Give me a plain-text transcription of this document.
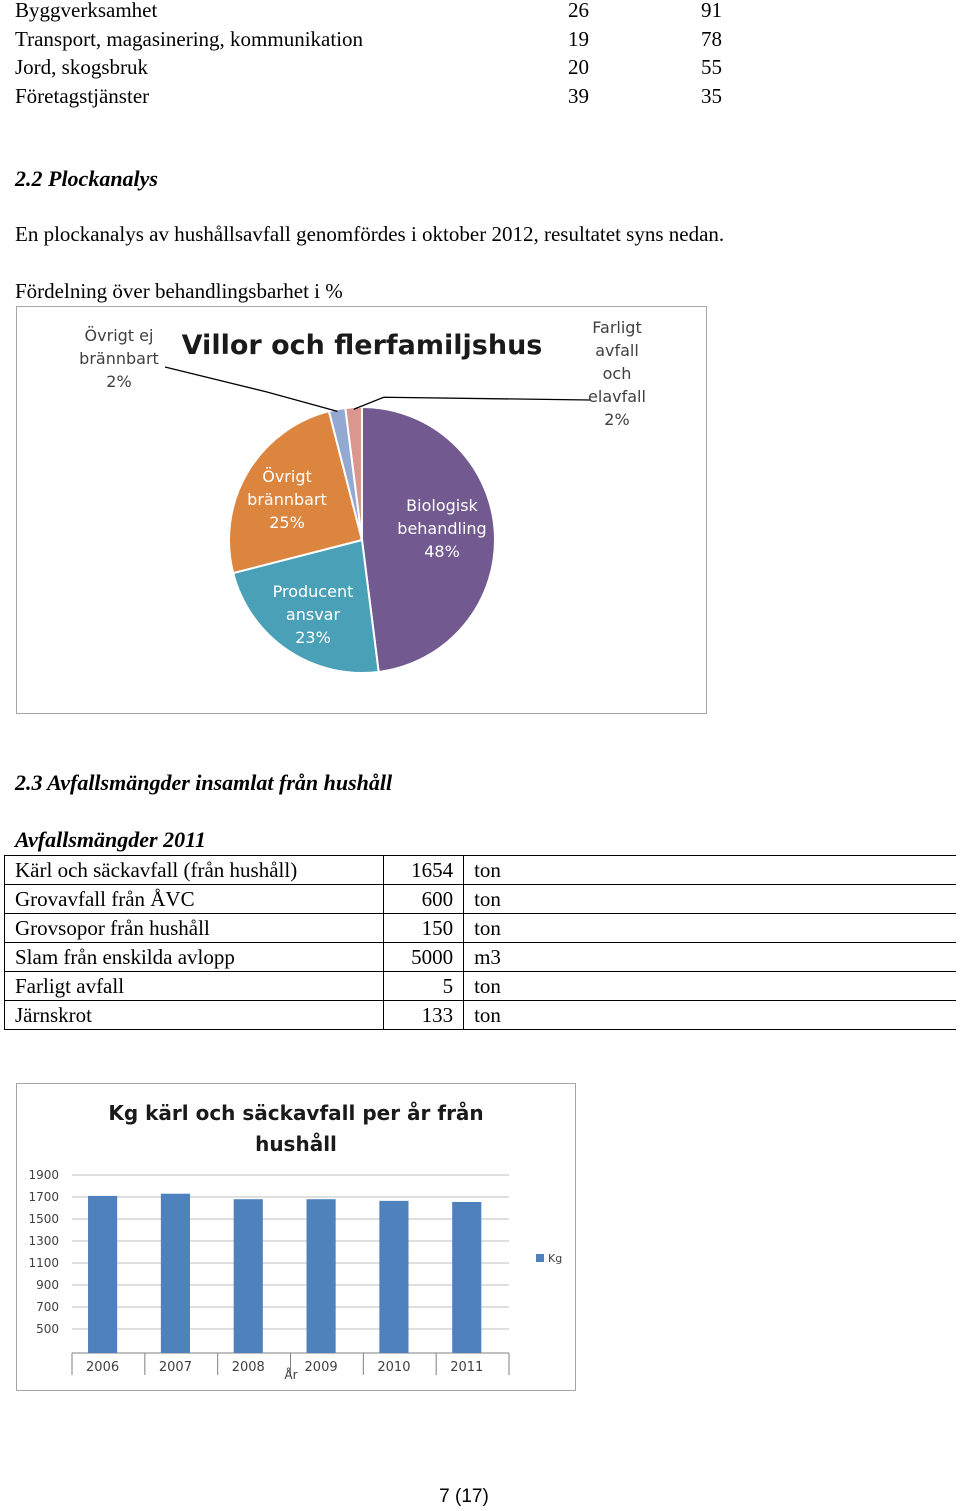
Byggverksamhet	26	91
Transport, magasinering, kommunikation	19	78
Jord, skogsbruk	20	55
Företagstjänster	39	35
2.2 Plockanalys

En plockanalys av hushållsavfall genomfördes i oktober 2012, resultatet syns nedan.

Fördelning över behandlingsbarhet i %

Villor och flerfamiljshus
Biologisk
behandling
48%
Producent
ansvar
23%
Övrigt
brännbart
25%
Övrigt ej
brännbart
2%
Farligt
avfall
och
elavfall
2%
2.3 Avfallsmängder insamlat från hushåll
Avfallsmängder 2011
Kärl och säckavfall (från hushåll)	1654	ton
Grovavfall från ÅVC	600	ton
Grovsopor från hushåll	150	ton
Slam från enskilda avlopp	5000	m3
Farligt avfall	5	ton
Järnskrot	133	ton
Kg kärl och säckavfall per år från
hushåll
500
700
900
1100
1300
1500
1700
1900
2006	2007	2008	2009	2010	2011
År
Kg
7 (17)
